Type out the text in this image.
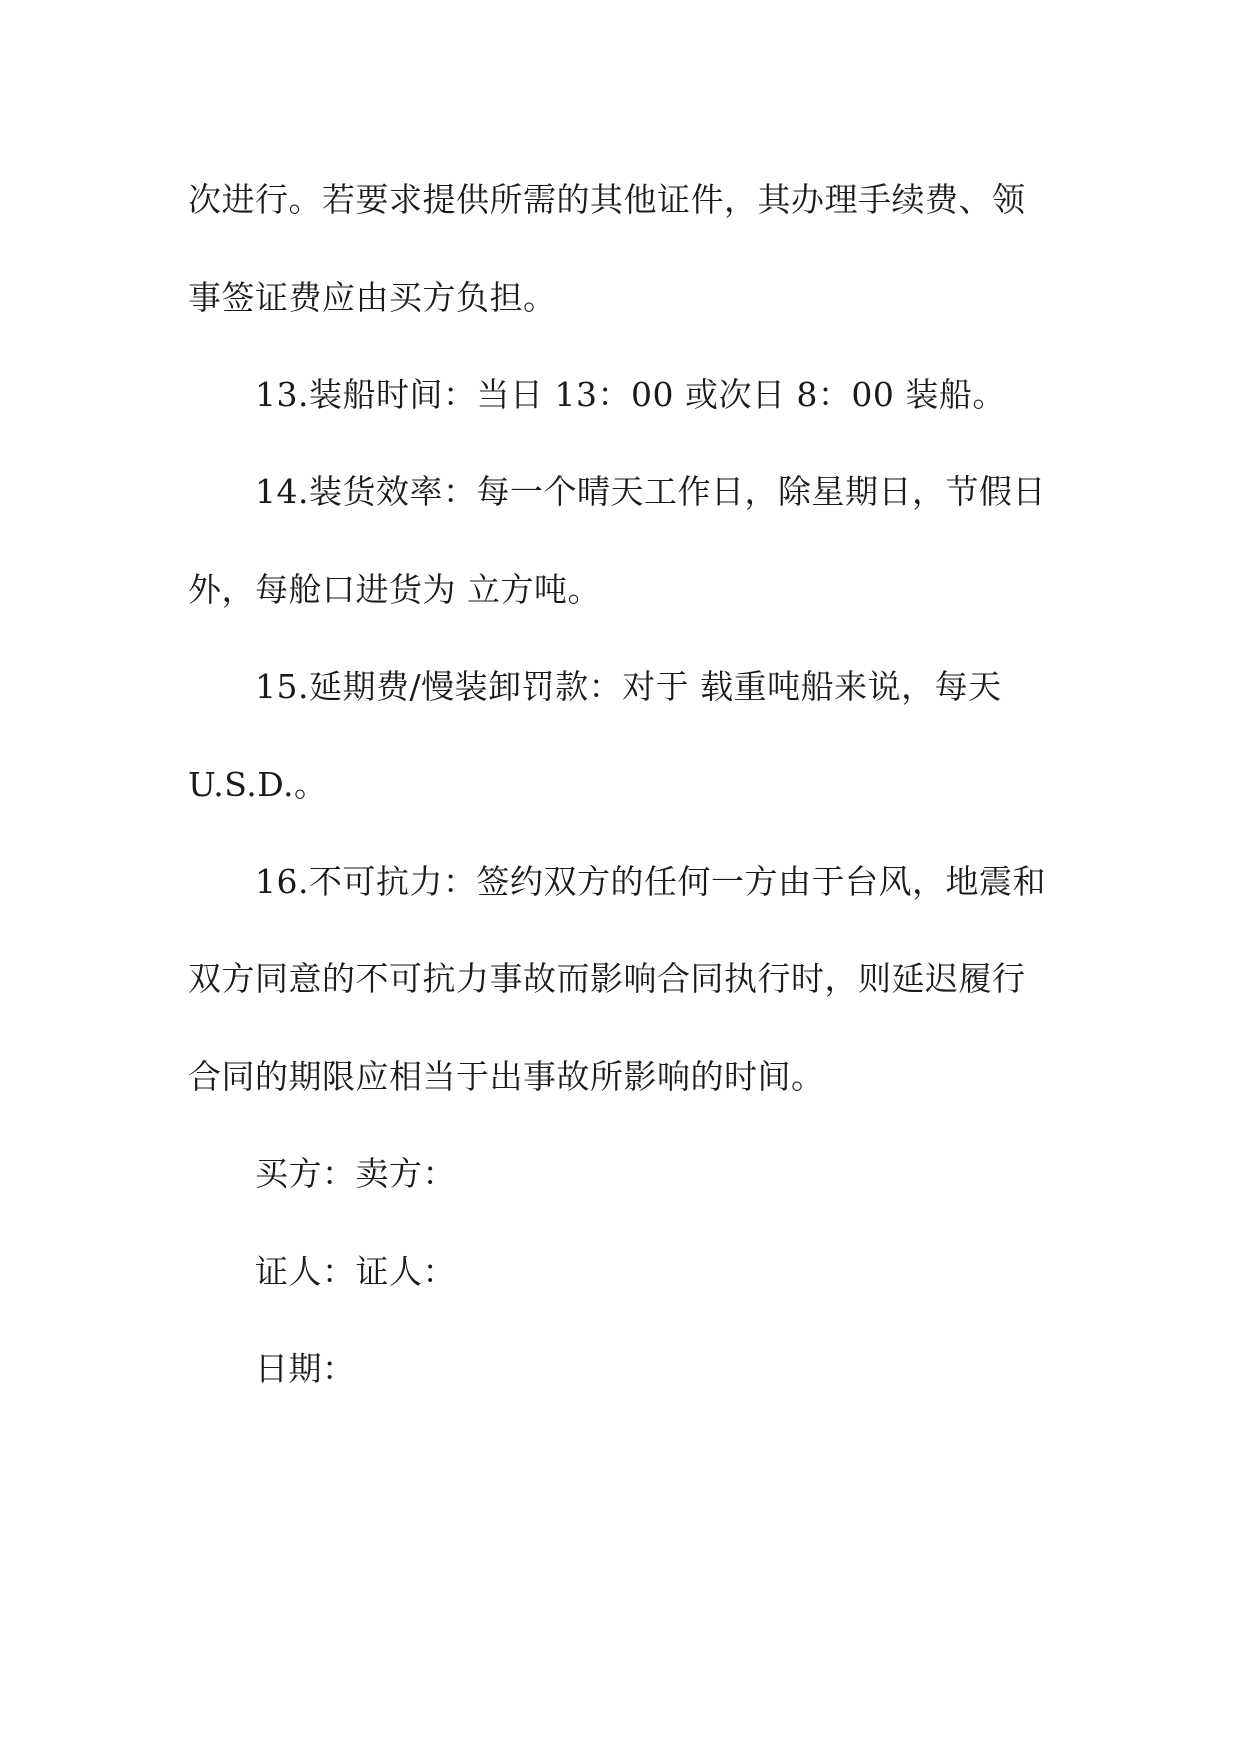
次进行。若要求提供所需的其他证件，其办理手续费、领
事签证费应由买方负担。
13.装船时间：当日 13：00 或次日 8：00 装船。
14.装货效率：每一个晴天工作日，除星期日，节假日
外，每舱口进货为 立方吨。
15.延期费/慢装卸罚款：对于 载重吨船来说，每天
U.S.D.。
16.不可抗力：签约双方的任何一方由于台风，地震和
双方同意的不可抗力事故而影响合同执行时，则延迟履行
合同的期限应相当于出事故所影响的时间。
买方：卖方：
证人：证人：
日期：
